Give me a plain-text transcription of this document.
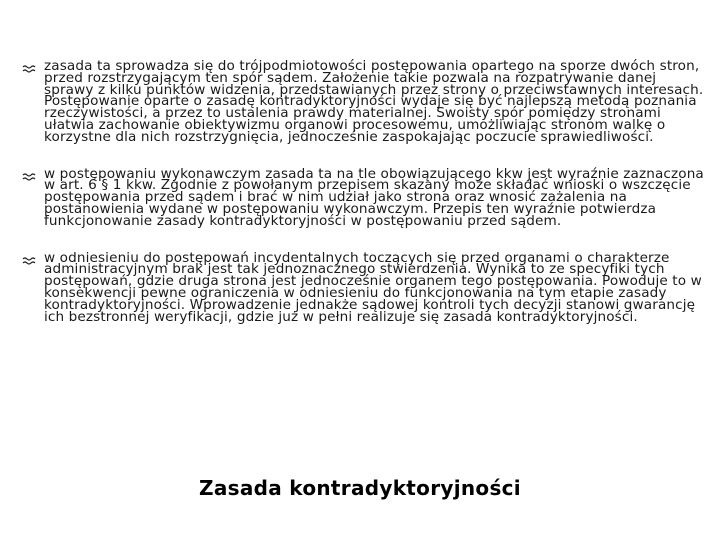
zasada ta sprowadza się do trójpodmiotowości postępowania opartego na sporze dwóch stron, przed rozstrzygającym ten spór sądem. Założenie takie pozwala na rozpatrywanie danej sprawy z kilku punktów widzenia, przedstawianych przez strony o przeciwstawnych interesach. Postępowanie oparte o zasadę kontradyktoryjności wydaje się być najlepszą metodą poznania rzeczywistości, a przez to ustalenia prawdy materialnej. Swoisty spór pomiędzy stronami ułatwia zachowanie obiektywizmu organowi procesowemu, umożliwiając stronom walkę o korzystne dla nich rozstrzygnięcia, jednocześnie zaspokajając poczucie sprawiedliwości.
w postępowaniu wykonawczym zasada ta na tle obowiązującego kkw jest wyraźnie zaznaczona w art. 6 § 1 kkw. Zgodnie z powołanym przepisem skazany może składać wnioski o wszczęcie postępowania przed sądem i brać w nim udział jako strona oraz wnosić zażalenia na postanowienia wydane w postępowaniu wykonawczym. Przepis ten wyraźnie potwierdza funkcjonowanie zasady kontradyktoryjności w postępowaniu przed sądem.
w odniesieniu do postępowań incydentalnych toczących się przed organami o charakterze administracyjnym brak jest tak jednoznacznego stwierdzenia. Wynika to ze specyfiki tych postępowań, gdzie druga strona jest jednocześnie organem tego postępowania. Powoduje to w konsekwencji pewne ograniczenia w odniesieniu do funkcjonowania na tym etapie zasady kontradyktoryjności. Wprowadzenie jednakże sądowej kontroli tych decyzji stanowi gwarancję ich bezstronnej weryfikacji, gdzie już w pełni realizuje się zasada kontradyktoryjności.
Zasada kontradyktoryjności
